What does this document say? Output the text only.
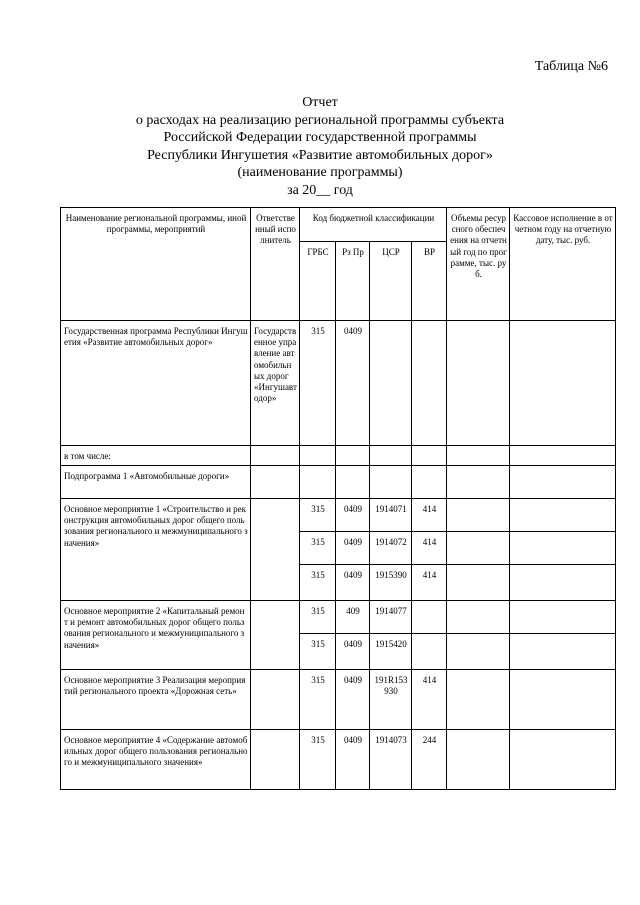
Таблица №6
Отчет
о расходах на реализацию региональной программы субъекта
Российской Федерации государственной программы
Республики Ингушетия «Развитие автомобильных дорог»
(наименование программы)
за 20__ год
Наименование региональной программы, иной программы, мероприятий	Ответственный исполнитель	Код бюджетной классификации				Объемы ресурсного обеспечения на отчетный год по программе, тыс. руб.	Кассовое исполнение в отчетном году на отчетную дату, тыс. руб.
		ГРБС	Рз Пр	ЦСР	ВР		
Государственная программа Республики Ингушетия «Развитие автомобильных дорог»	Государственное управление автомобильных дорог «Ингушавтодор»	315	0409				
в том числе:							
Подпрограмма 1 «Автомобильные дороги»							
Основное мероприятие 1 «Строительство и реконструкция автомобильных дорог общего пользования регионального и межмуниципального значения»		315	0409	1914071	414		
		315	0409	1914072	414		
		315	0409	1915390	414		
Основное мероприятие 2 «Капитальный ремонт и ремонт автомобильных дорог общего пользования регионального и межмуниципального значения»		315	409	1914077			
		315	0409	1915420			
Основное мероприятие 3 Реализация мероприятий регионального проекта «Дорожная сеть»		315	0409	191R153930	414		
Основное мероприятие 4 «Содержание автомобильных дорог общего пользования регионального и межмуниципального значения»		315	0409	1914073	244		
